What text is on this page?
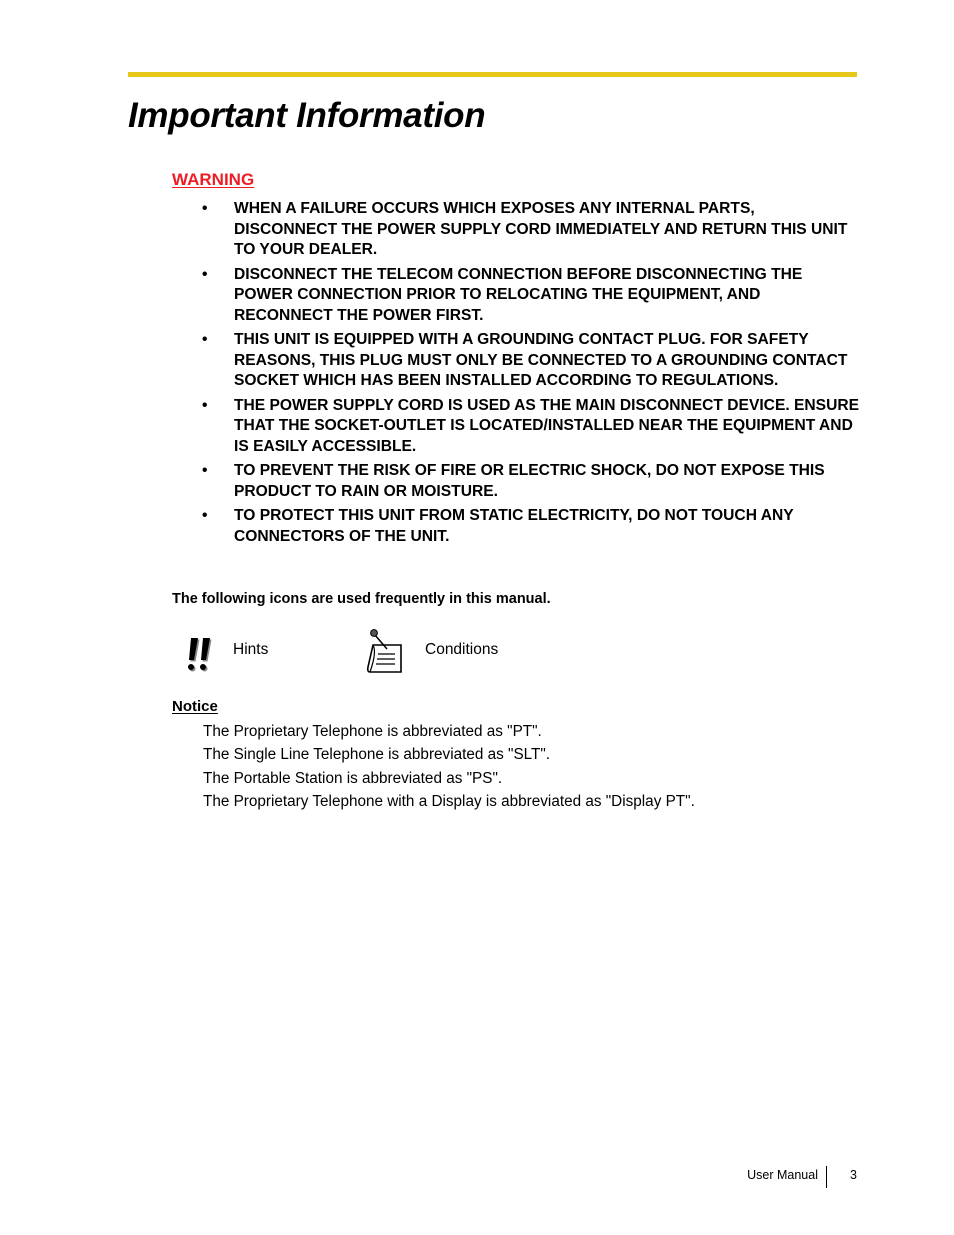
Important Information
WARNING
• WHEN A FAILURE OCCURS WHICH EXPOSES ANY INTERNAL PARTS, DISCONNECT THE POWER SUPPLY CORD IMMEDIATELY AND RETURN THIS UNIT TO YOUR DEALER.
• DISCONNECT THE TELECOM CONNECTION BEFORE DISCONNECTING THE POWER CONNECTION PRIOR TO RELOCATING THE EQUIPMENT, AND RECONNECT THE POWER FIRST.
• THIS UNIT IS EQUIPPED WITH A GROUNDING CONTACT PLUG. FOR SAFETY REASONS, THIS PLUG MUST ONLY BE CONNECTED TO A GROUNDING CONTACT SOCKET WHICH HAS BEEN INSTALLED ACCORDING TO REGULATIONS.
• THE POWER SUPPLY CORD IS USED AS THE MAIN DISCONNECT DEVICE. ENSURE THAT THE SOCKET-OUTLET IS LOCATED/INSTALLED NEAR THE EQUIPMENT AND IS EASILY ACCESSIBLE.
• TO PREVENT THE RISK OF FIRE OR ELECTRIC SHOCK, DO NOT EXPOSE THIS PRODUCT TO RAIN OR MOISTURE.
• TO PROTECT THIS UNIT FROM STATIC ELECTRICITY, DO NOT TOUCH ANY CONNECTORS OF THE UNIT.
The following icons are used frequently in this manual.
Hints	Conditions
Notice
The Proprietary Telephone is abbreviated as "PT".
The Single Line Telephone is abbreviated as "SLT".
The Portable Station is abbreviated as "PS".
The Proprietary Telephone with a Display is abbreviated as "Display PT".
User Manual	3
